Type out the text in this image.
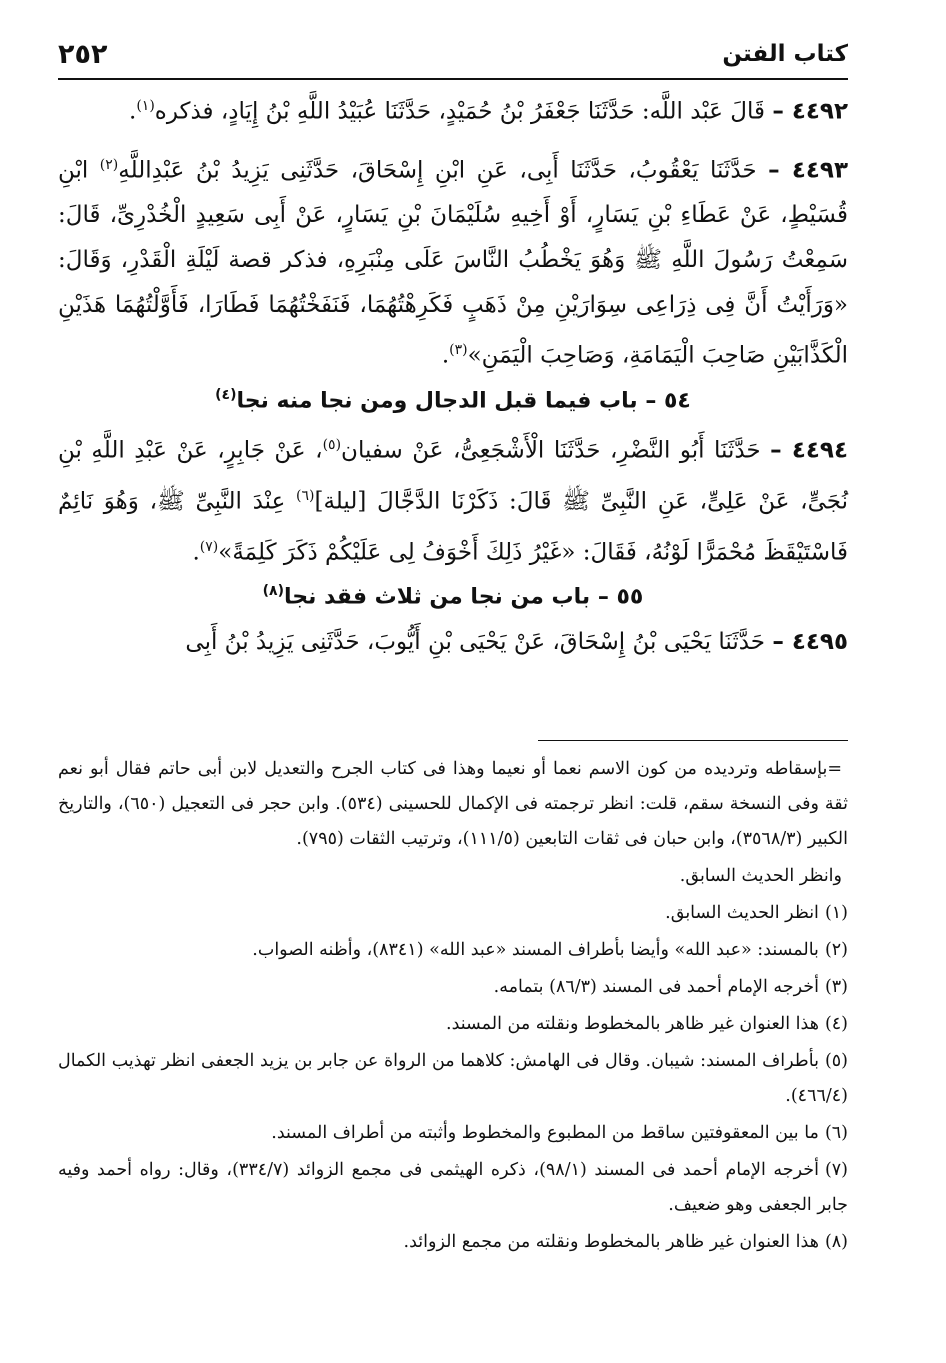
كتاب الفتن
٢٥٢

٤٤٩٢ – قَالَ عَبْد اللَّه: حَدَّثَنَا جَعْفَرُ بْنُ حُمَيْدٍ، حَدَّثَنَا عُبَيْدُ اللَّهِ بْنُ إِيَادٍ، فذكره$^{(١)}$.

٤٤٩٣ – حَدَّثَنَا يَعْقُوبُ، حَدَّثَنَا أَبِى، عَنِ ابْنِ إِسْحَاقَ، حَدَّثَنِى يَزِيدُ بْنُ عَبْدِاللَّهِ$^{(٢)}$ ابْنِ قُسَيْطٍ، عَنْ عَطَاءِ بْنِ يَسَارٍ، أَوْ أَخِيهِ سُلَيْمَانَ بْنِ يَسَارٍ، عَنْ أَبِى سَعِيدٍ الْخُدْرِىِّ، قَالَ: سَمِعْتُ رَسُولَ اللَّهِ ﷺ وَهُوَ يَخْطُبُ النَّاسَ عَلَى مِنْبَرِهِ، فذكر قصة لَيْلَةِ الْقَدْرِ، وَقَالَ: «وَرَأَيْتُ أَنَّ فِى ذِرَاعِى سِوَارَيْنِ مِنْ ذَهَبٍ فَكَرِهْتُهُمَا، فَنَفَخْتُهُمَا فَطَارَا، فَأَوَّلْتُهُمَا هَذَيْنِ الْكَذَّابَيْنِ صَاحِبَ الْيَمَامَةِ، وَصَاحِبَ الْيَمَنِ»$^{(٣)}$.

٥٤ – باب فيما قبل الدجال ومن نجا منه نجا$^{(٤)}$

٤٤٩٤ – حَدَّثَنَا أَبُو النَّضْرِ، حَدَّثَنَا الْأَشْجَعِىُّ، عَنْ سفيان$^{(٥)}$، عَنْ جَابِرٍ، عَنْ عَبْدِ اللَّهِ بْنِ نُجَىٍّ، عَنْ عَلِىٍّ، عَنِ النَّبِىِّ ﷺ قَالَ: ذَكَرْنَا الدَّجَّالَ [ليلة]$^{(٦)}$ عِنْدَ النَّبِىِّ ﷺ، وَهُوَ نَائِمٌ فَاسْتَيْقَظَ مُحْمَرًّا لَوْنُهُ، فَقَالَ: «غَيْرُ ذَلِكَ أَخْوَفُ لِى عَلَيْكُمْ ذَكَرَ كَلِمَةً»$^{(٧)}$.

٥٥ – باب من نجا من ثلاث فقد نجا$^{(٨)}$

٤٤٩٥ – حَدَّثَنَا يَحْيَى بْنُ إِسْحَاقَ، عَنْ يَحْيَى بْنِ أَيُّوبَ، حَدَّثَنِى يَزِيدُ بْنُ أَبِى

=بإسقاطه وترديده من كون الاسم نعما أو نعيما وهذا فى كتاب الجرح والتعديل لابن أبى حاتم فقال أبو نعم ثقة وفى النسخة سقم، قلت: انظر ترجمته فى الإكمال للحسينى (٥٣٤). وابن حجر فى التعجيل (٦٥٠)، والتاريخ الكبير (٣٥٦٨/٣)، وابن حبان فى ثقات التابعين (١١١/٥)، وترتيب الثقات (٧٩٥).

وانظر الحديث السابق.

(١)انظر الحديث السابق.

(٢)بالمسند: «عبد الله» وأيضا بأطراف المسند «عبد الله» (٨٣٤١)، وأظنه الصواب.

(٣)أخرجه الإمام أحمد فى المسند (٨٦/٣) بتمامه.

(٤)هذا العنوان غير ظاهر بالمخطوط ونقلته من المسند.

(٥)بأطراف المسند: شيبان. وقال فى الهامش: كلاهما من الرواة عن جابر بن يزيد الجعفى انظر تهذيب الكمال (٤٦٦/٤).

(٦)ما بين المعقوفتين ساقط من المطبوع والمخطوط وأثبته من أطراف المسند.

(٧)أخرجه الإمام أحمد فى المسند (٩٨/١)، ذكره الهيثمى فى مجمع الزوائد (٣٣٤/٧)، وقال: رواه أحمد وفيه جابر الجعفى وهو ضعيف.

(٨)هذا العنوان غير ظاهر بالمخطوط ونقلته من مجمع الزوائد.
